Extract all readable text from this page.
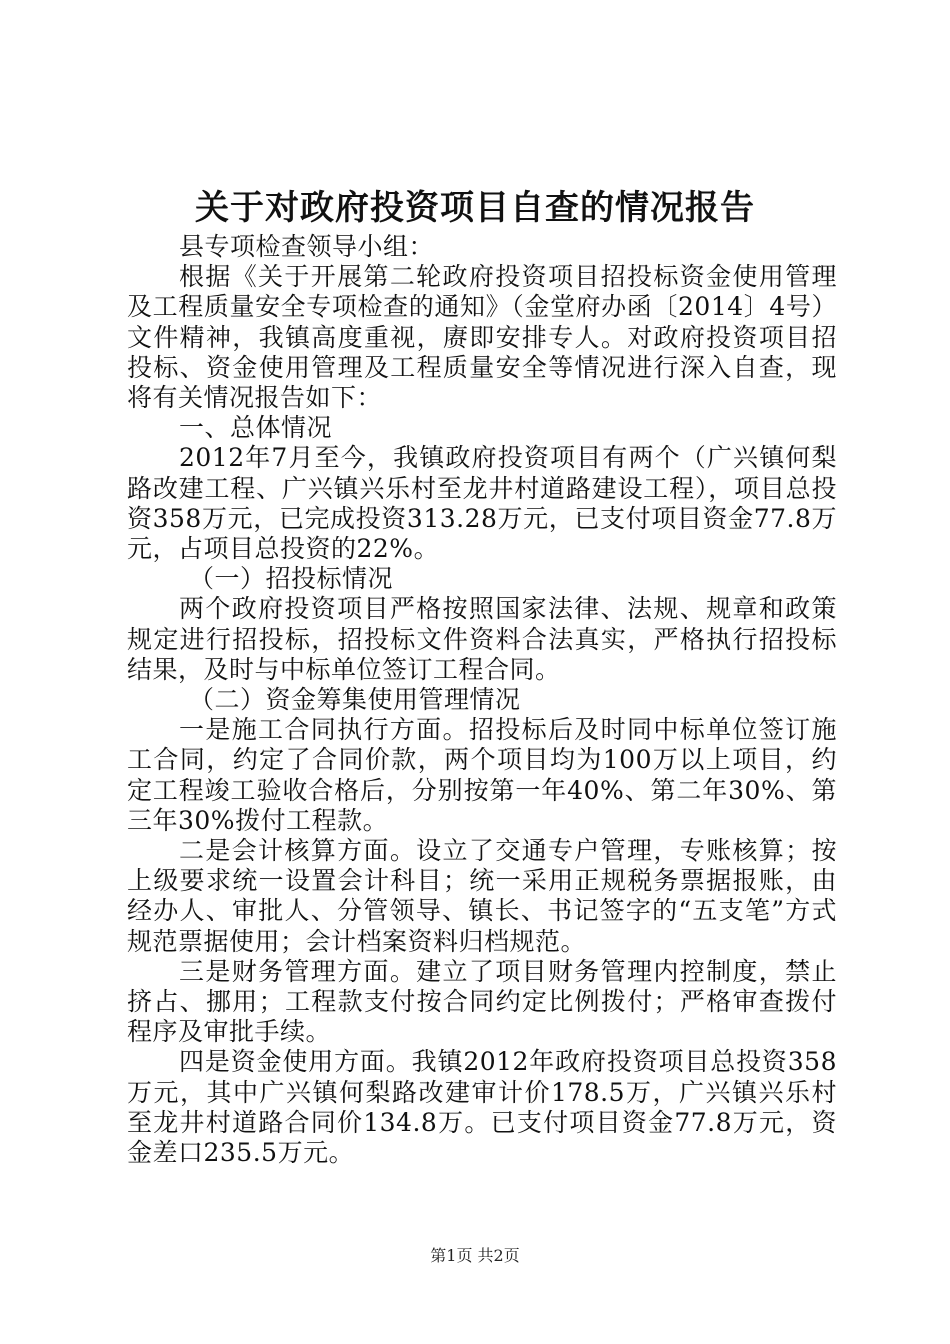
关于对政府投资项目自查的情况报告

县专项检查领导小组：

根据《关于开展第二轮政府投资项目招投标资金使用管理及工程质量安全专项检查的通知》（金堂府办函〔2014〕4号）文件精神，我镇高度重视，赓即安排专人。对政府投资项目招投标、资金使用管理及工程质量安全等情况进行深入自查，现将有关情况报告如下：

一、总体情况

2012年7月至今，我镇政府投资项目有两个（广兴镇何梨路改建工程、广兴镇兴乐村至龙井村道路建设工程），项目总投资358万元，已完成投资313.28万元，已支付项目资金77.8万元，占项目总投资的22%。

（一）招投标情况

两个政府投资项目严格按照国家法律、法规、规章和政策规定进行招投标，招投标文件资料合法真实，严格执行招投标结果，及时与中标单位签订工程合同。

（二）资金筹集使用管理情况

一是施工合同执行方面。招投标后及时同中标单位签订施工合同，约定了合同价款，两个项目均为100万以上项目，约定工程竣工验收合格后，分别按第一年40%、第二年30%、第三年30%拨付工程款。

二是会计核算方面。设立了交通专户管理，专账核算；按上级要求统一设置会计科目；统一采用正规税务票据报账，由经办人、审批人、分管领导、镇长、书记签字的“五支笔”方式规范票据使用；会计档案资料归档规范。

三是财务管理方面。建立了项目财务管理内控制度，禁止挤占、挪用；工程款支付按合同约定比例拨付；严格审查拨付程序及审批手续。

四是资金使用方面。我镇2012年政府投资项目总投资358万元，其中广兴镇何梨路改建审计价178.5万，广兴镇兴乐村至龙井村道路合同价134.8万。已支付项目资金77.8万元，资金差口235.5万元。

第1页 共2页
